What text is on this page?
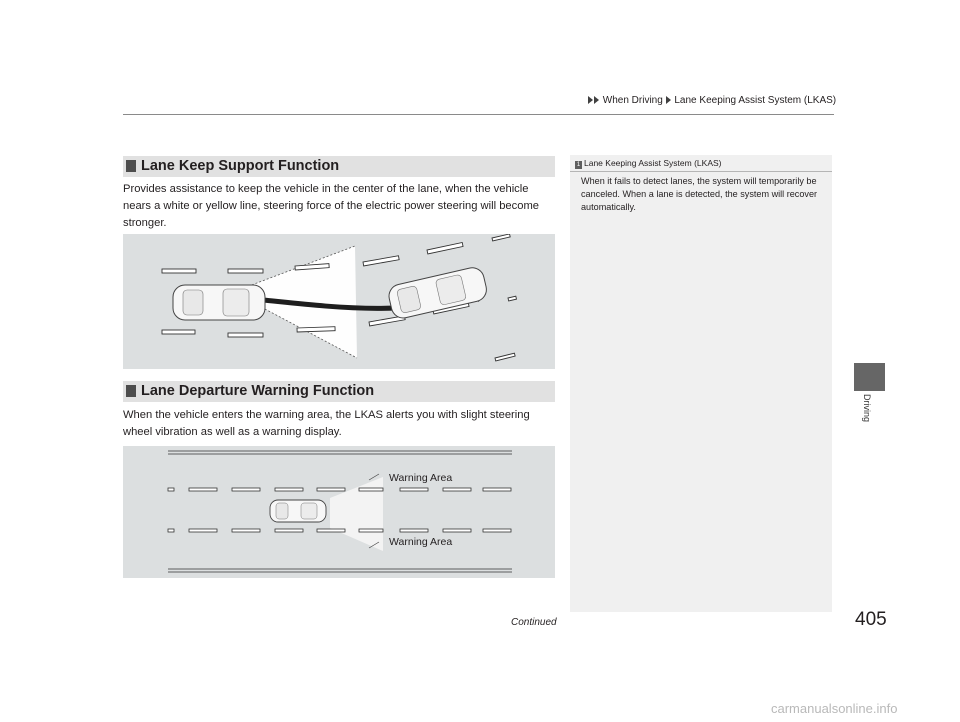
When Driving Lane Keeping Assist System (LKAS)
Driving
Lane Keep Support Function
Provides assistance to keep the vehicle in the center of the lane, when the vehicle nears a white or yellow line, steering force of the electric power steering will become stronger.
Lane Departure Warning Function
When the vehicle enters the warning area, the LKAS alerts you with slight steering wheel vibration as well as a warning display.
Warning Area
Warning Area
1 Lane Keeping Assist System (LKAS)
When it fails to detect lanes, the system will temporarily be canceled. When a lane is detected, the system will recover automatically.
Continued	405
carmanualsonline.info
